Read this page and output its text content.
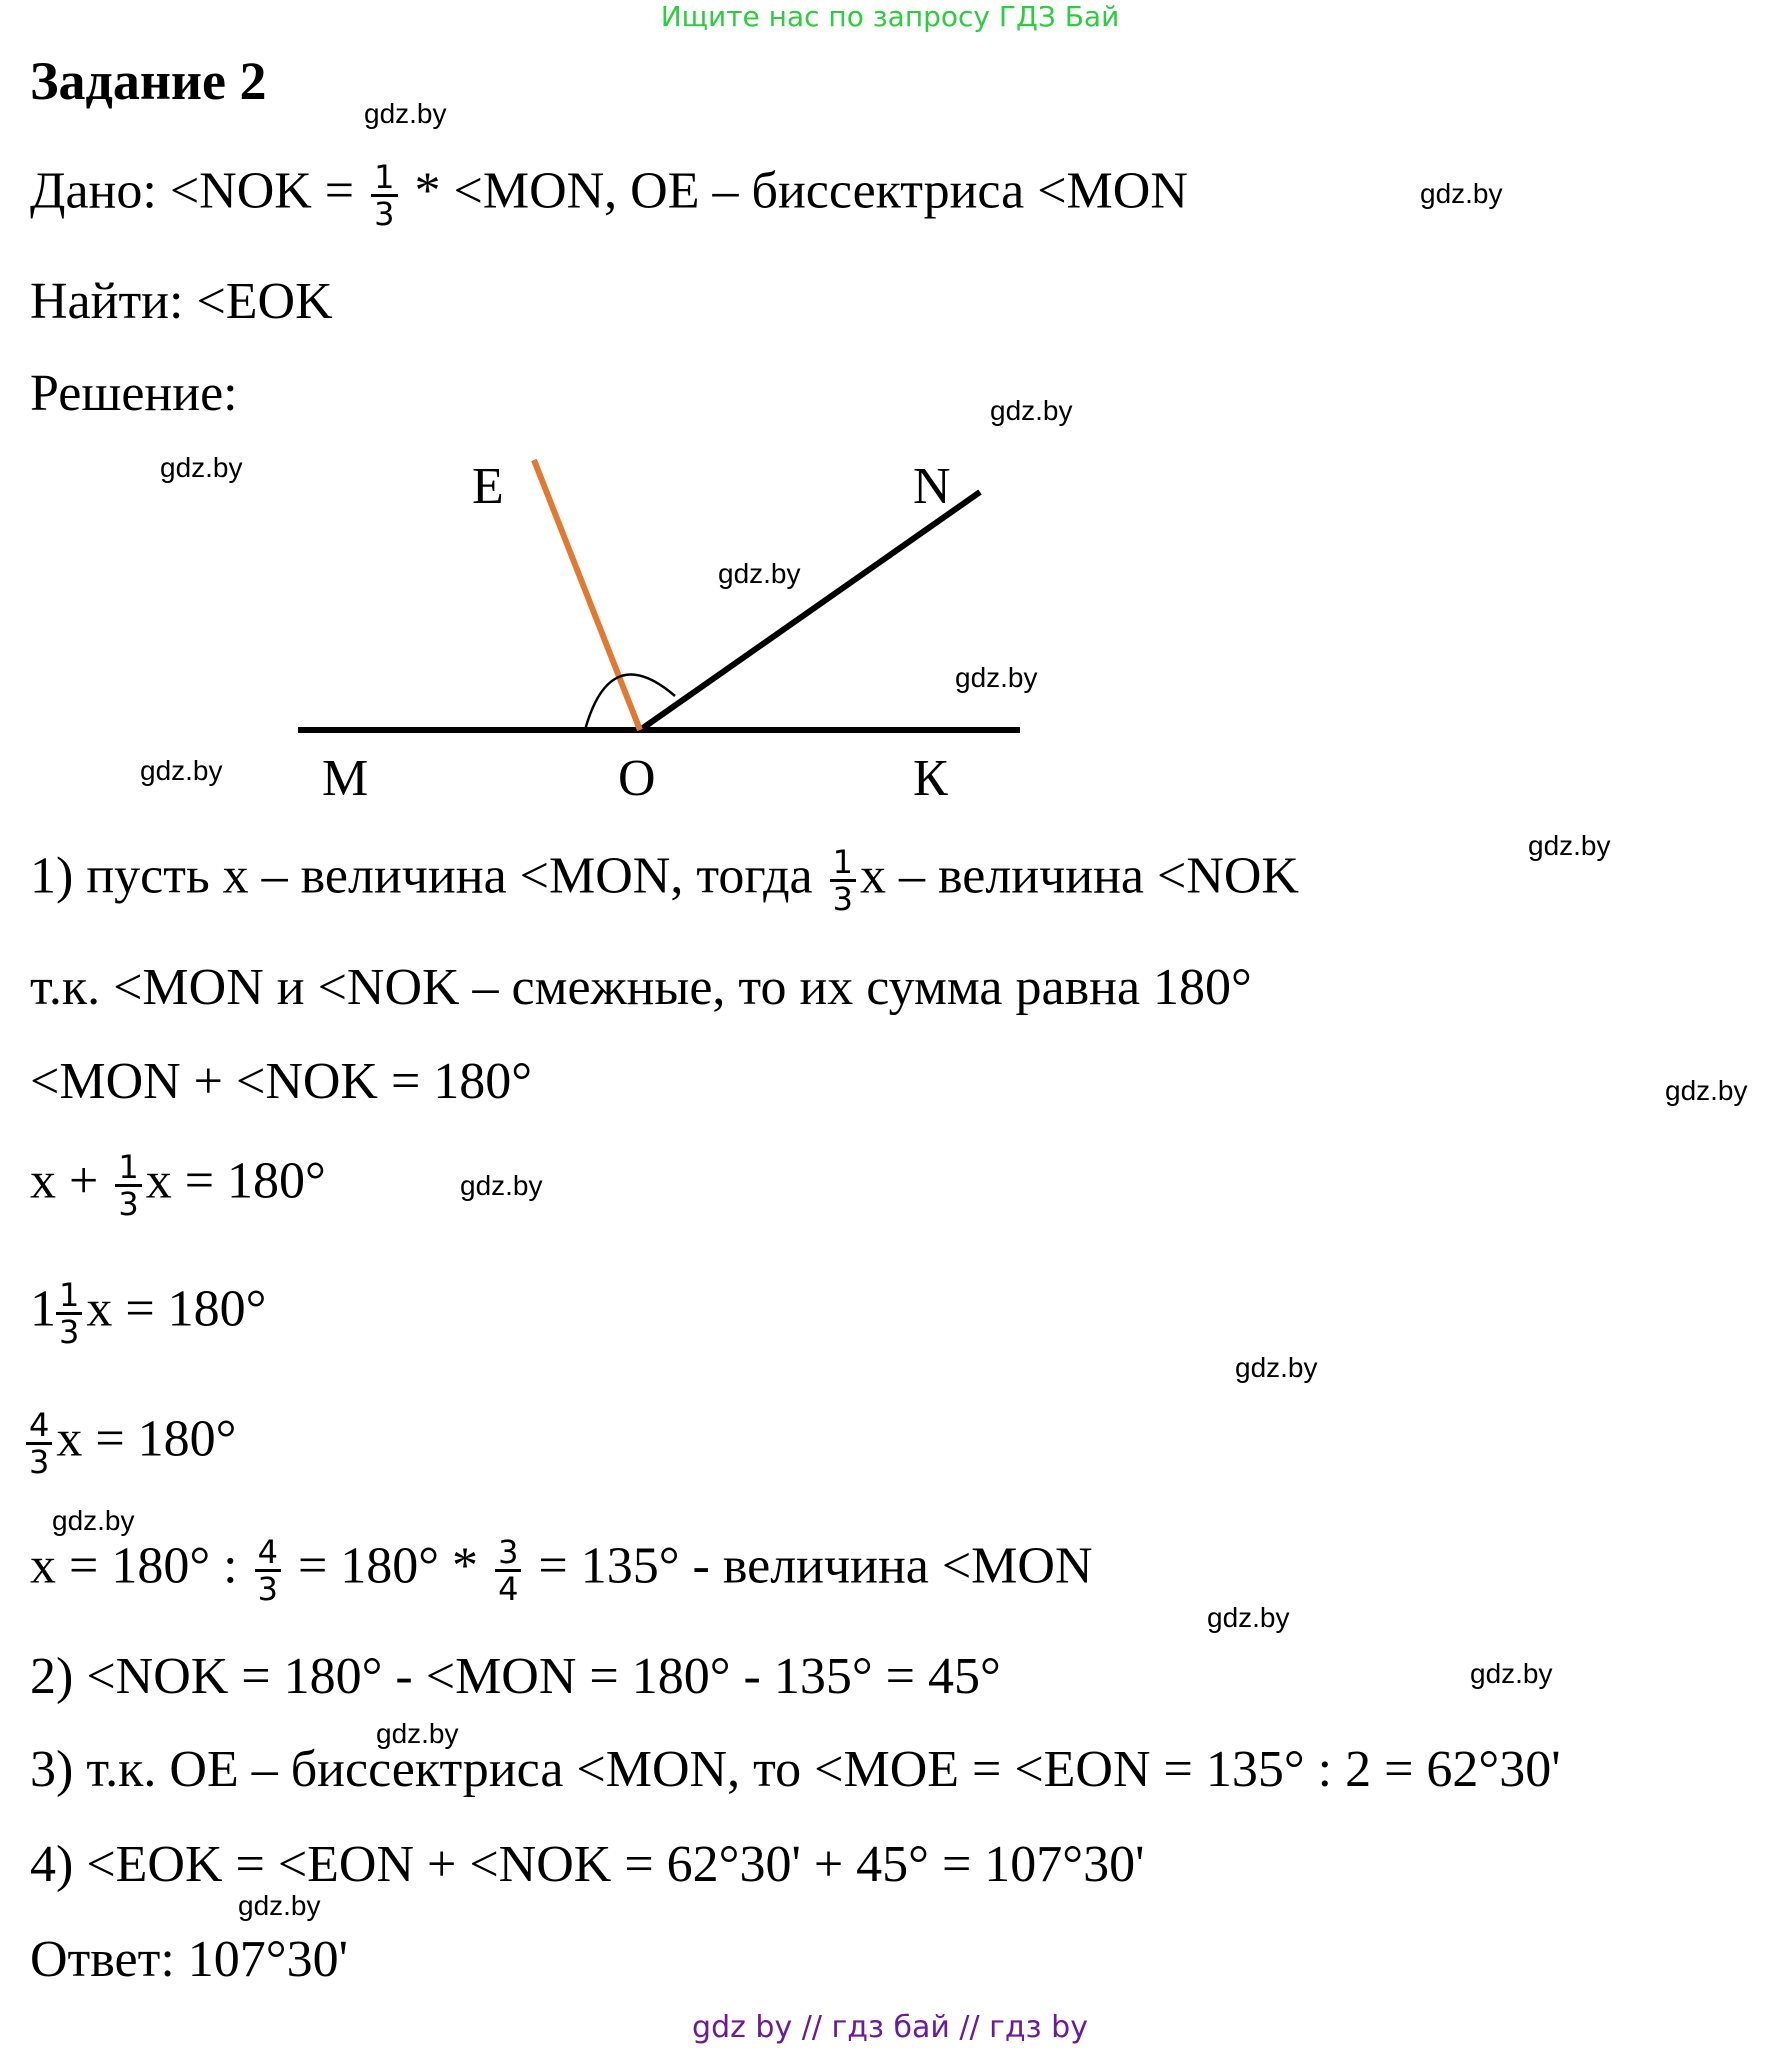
Ищите нас по запросу ГДЗ Бай
Задание 2
Дано: $<NOK = \frac{1}{3} * <MON$, OE – биссектриса <MON
Найти: <EOK
Решение:
E	N
M	O	К
1) пусть x – величина <MON, тогда $\frac{1}{3}$ x – величина <NOK
т.к. <MON и <NOK – смежные, то их сумма равна 180°
<MON + <NOK = 180°
$x + \frac{1}{3}$ x = 180°
$1 \frac{1}{3}$ x = 180°
$\frac{4}{3}$ x = 180°
x = 180° : $\frac{4}{3} = 180^\circ * \frac{3}{4} = 135^\circ$ - величина <MON
2) <NOK = 180° - <MON = 180° - 135° = 45°
3) т.к. OE – биссектриса <MON, то <MOE = <EON = 135° : 2 = 62°30'
4) <EOK = <EON + <NOK = 62°30' + 45° = 107°30'
Ответ: 107°30'
gdz.by
gdz.by
gdz.by
gdz.by
gdz.by
gdz.by
gdz.by
gdz.by
gdz.by
gdz.by
gdz.by
gdz.by
gdz.by
gdz.by
gdz.by
gdz.by
gdz by // гдз бай // гдз by
